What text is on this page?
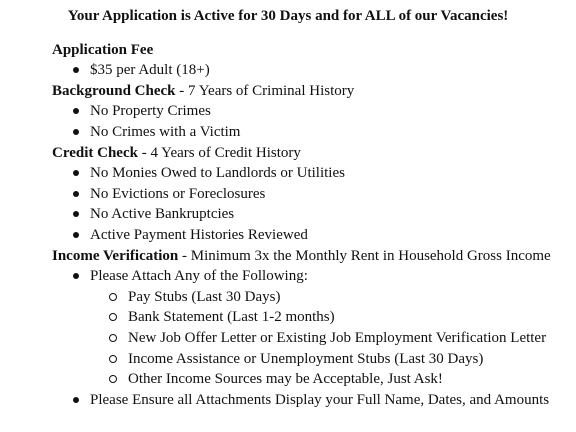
Your Application is Active for 30 Days and for ALL of our Vacancies!
Application Fee
$35 per Adult (18+)
Background Check - 7 Years of Criminal History
No Property Crimes
No Crimes with a Victim
Credit Check - 4 Years of Credit History
No Monies Owed to Landlords or Utilities
No Evictions or Foreclosures
No Active Bankruptcies
Active Payment Histories Reviewed
Income Verification - Minimum 3x the Monthly Rent in Household Gross Income
Please Attach Any of the Following:
Pay Stubs (Last 30 Days)
Bank Statement (Last 1-2 months)
New Job Offer Letter or Existing Job Employment Verification Letter
Income Assistance or Unemployment Stubs (Last 30 Days)
Other Income Sources may be Acceptable, Just Ask!
Please Ensure all Attachments Display your Full Name, Dates, and Amounts
